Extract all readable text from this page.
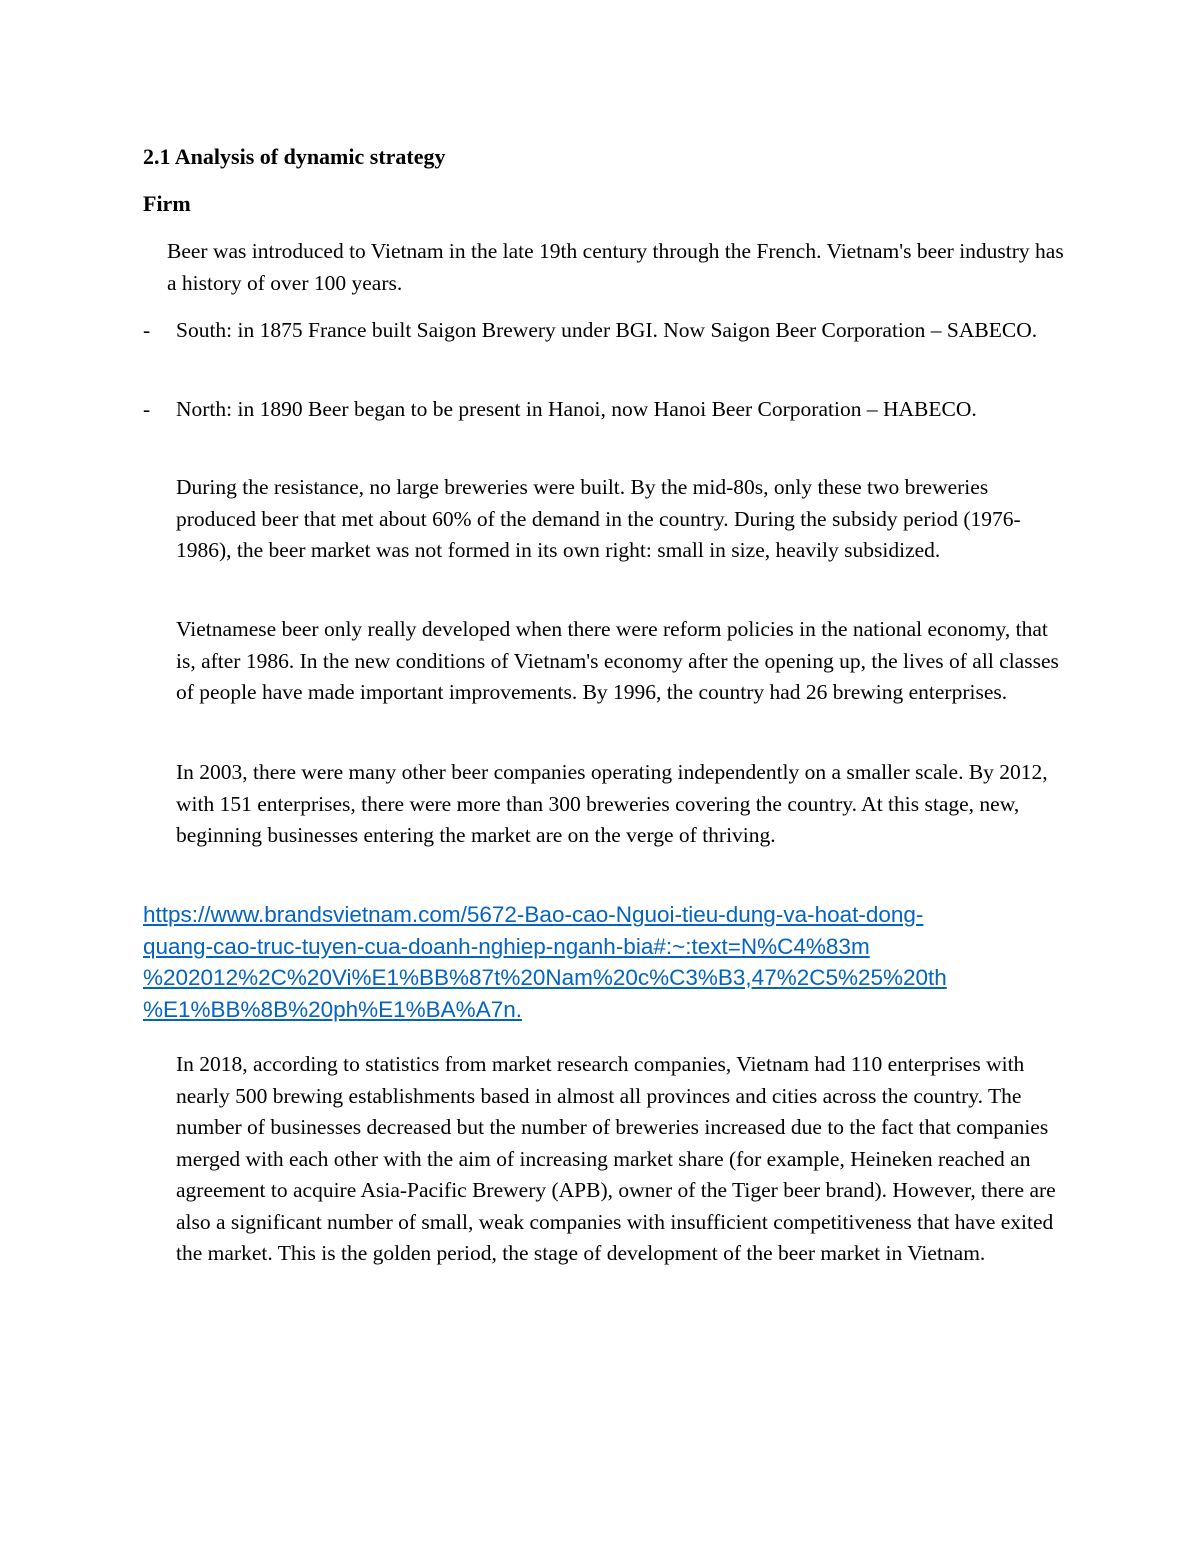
2.1 Analysis of dynamic strategy
Firm

Beer was introduced to Vietnam in the late 19th century through the French. Vietnam's beer industry has a history of over 100 years.

-	South: in 1875 France built Saigon Brewery under BGI. Now Saigon Beer Corporation – SABECO.
-	North: in 1890 Beer began to be present in Hanoi, now Hanoi Beer Corporation – HABECO.

During the resistance, no large breweries were built. By the mid-80s, only these two breweries produced beer that met about 60% of the demand in the country. During the subsidy period (1976-1986), the beer market was not formed in its own right: small in size, heavily subsidized.

Vietnamese beer only really developed when there were reform policies in the national economy, that is, after 1986. In the new conditions of Vietnam's economy after the opening up, the lives of all classes of people have made important improvements. By 1996, the country had 26 brewing enterprises.

In 2003, there were many other beer companies operating independently on a smaller scale. By 2012, with 151 enterprises, there were more than 300 breweries covering the country. At this stage, new, beginning businesses entering the market are on the verge of thriving.

https://www.brandsvietnam.com/5672-Bao-cao-Nguoi-tieu-dung-va-hoat-dong-
quang-cao-truc-tuyen-cua-doanh-nghiep-nganh-bia#:~:text=N%C4%83m
%202012%2C%20Vi%E1%BB%87t%20Nam%20c%C3%B3,47%2C5%25%20th
%E1%BB%8B%20ph%E1%BA%A7n.

In 2018, according to statistics from market research companies, Vietnam had 110 enterprises with nearly 500 brewing establishments based in almost all provinces and cities across the country. The number of businesses decreased but the number of breweries increased due to the fact that companies merged with each other with the aim of increasing market share (for example, Heineken reached an agreement to acquire Asia-Pacific Brewery (APB), owner of the Tiger beer brand). However, there are also a significant number of small, weak companies with insufficient competitiveness that have exited the market. This is the golden period, the stage of development of the beer market in Vietnam.
